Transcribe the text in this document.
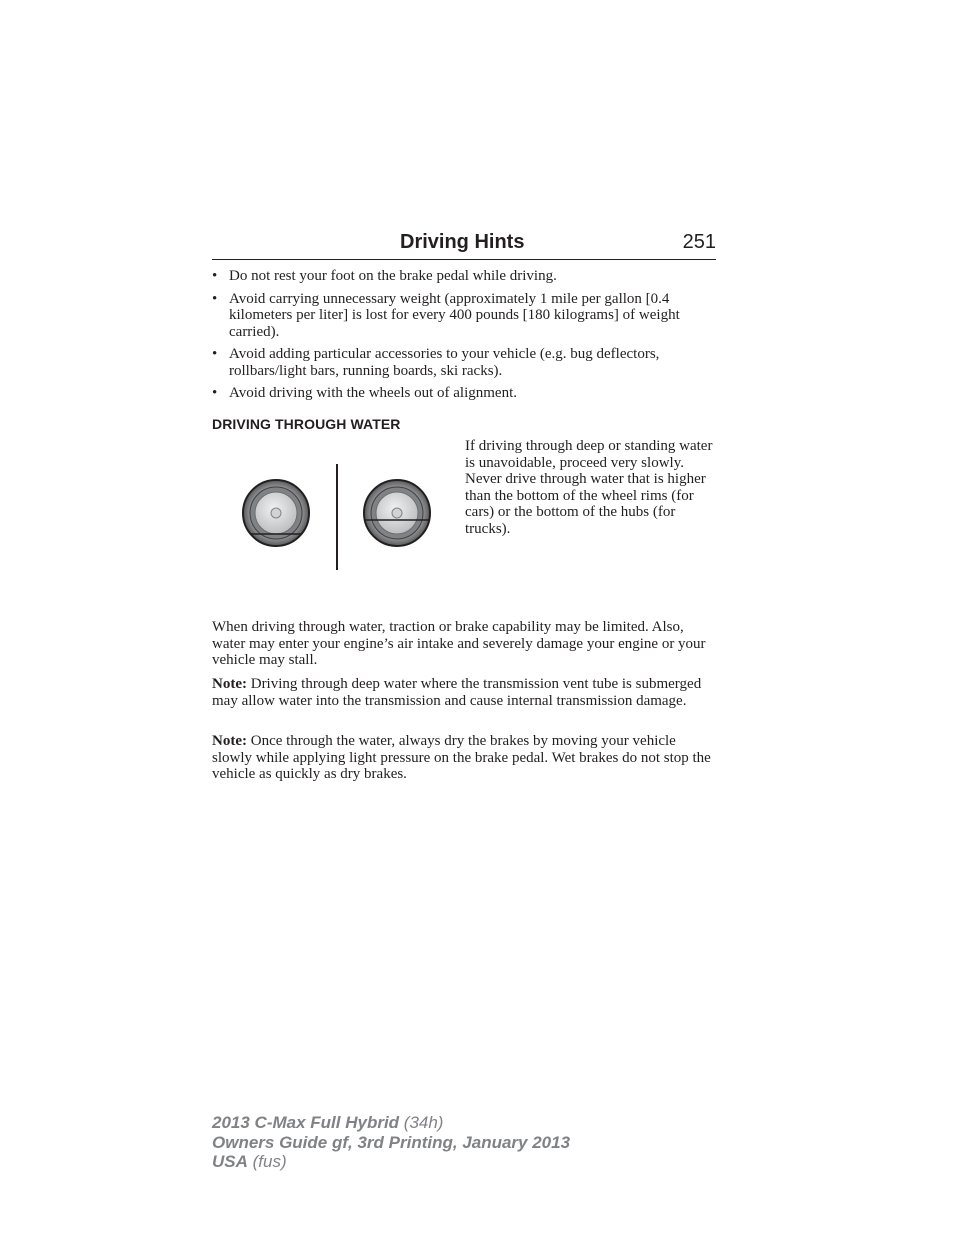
Driving Hints	251
• Do not rest your foot on the brake pedal while driving.
• Avoid carrying unnecessary weight (approximately 1 mile per gallon [0.4 kilometers per liter] is lost for every 400 pounds [180 kilograms] of weight carried).
• Avoid adding particular accessories to your vehicle (e.g. bug deflectors, rollbars/light bars, running boards, ski racks).
• Avoid driving with the wheels out of alignment.
DRIVING THROUGH WATER
If driving through deep or standing water is unavoidable, proceed very slowly. Never drive through water that is higher than the bottom of the wheel rims (for cars) or the bottom of the hubs (for trucks).

When driving through water, traction or brake capability may be limited. Also, water may enter your engine’s air intake and severely damage your engine or your vehicle may stall.

Note: Driving through deep water where the transmission vent tube is submerged may allow water into the transmission and cause internal transmission damage.

Note: Once through the water, always dry the brakes by moving your vehicle slowly while applying light pressure on the brake pedal. Wet brakes do not stop the vehicle as quickly as dry brakes.

2013 C-Max Full Hybrid (34h)
Owners Guide gf, 3rd Printing, January 2013
USA (fus)
